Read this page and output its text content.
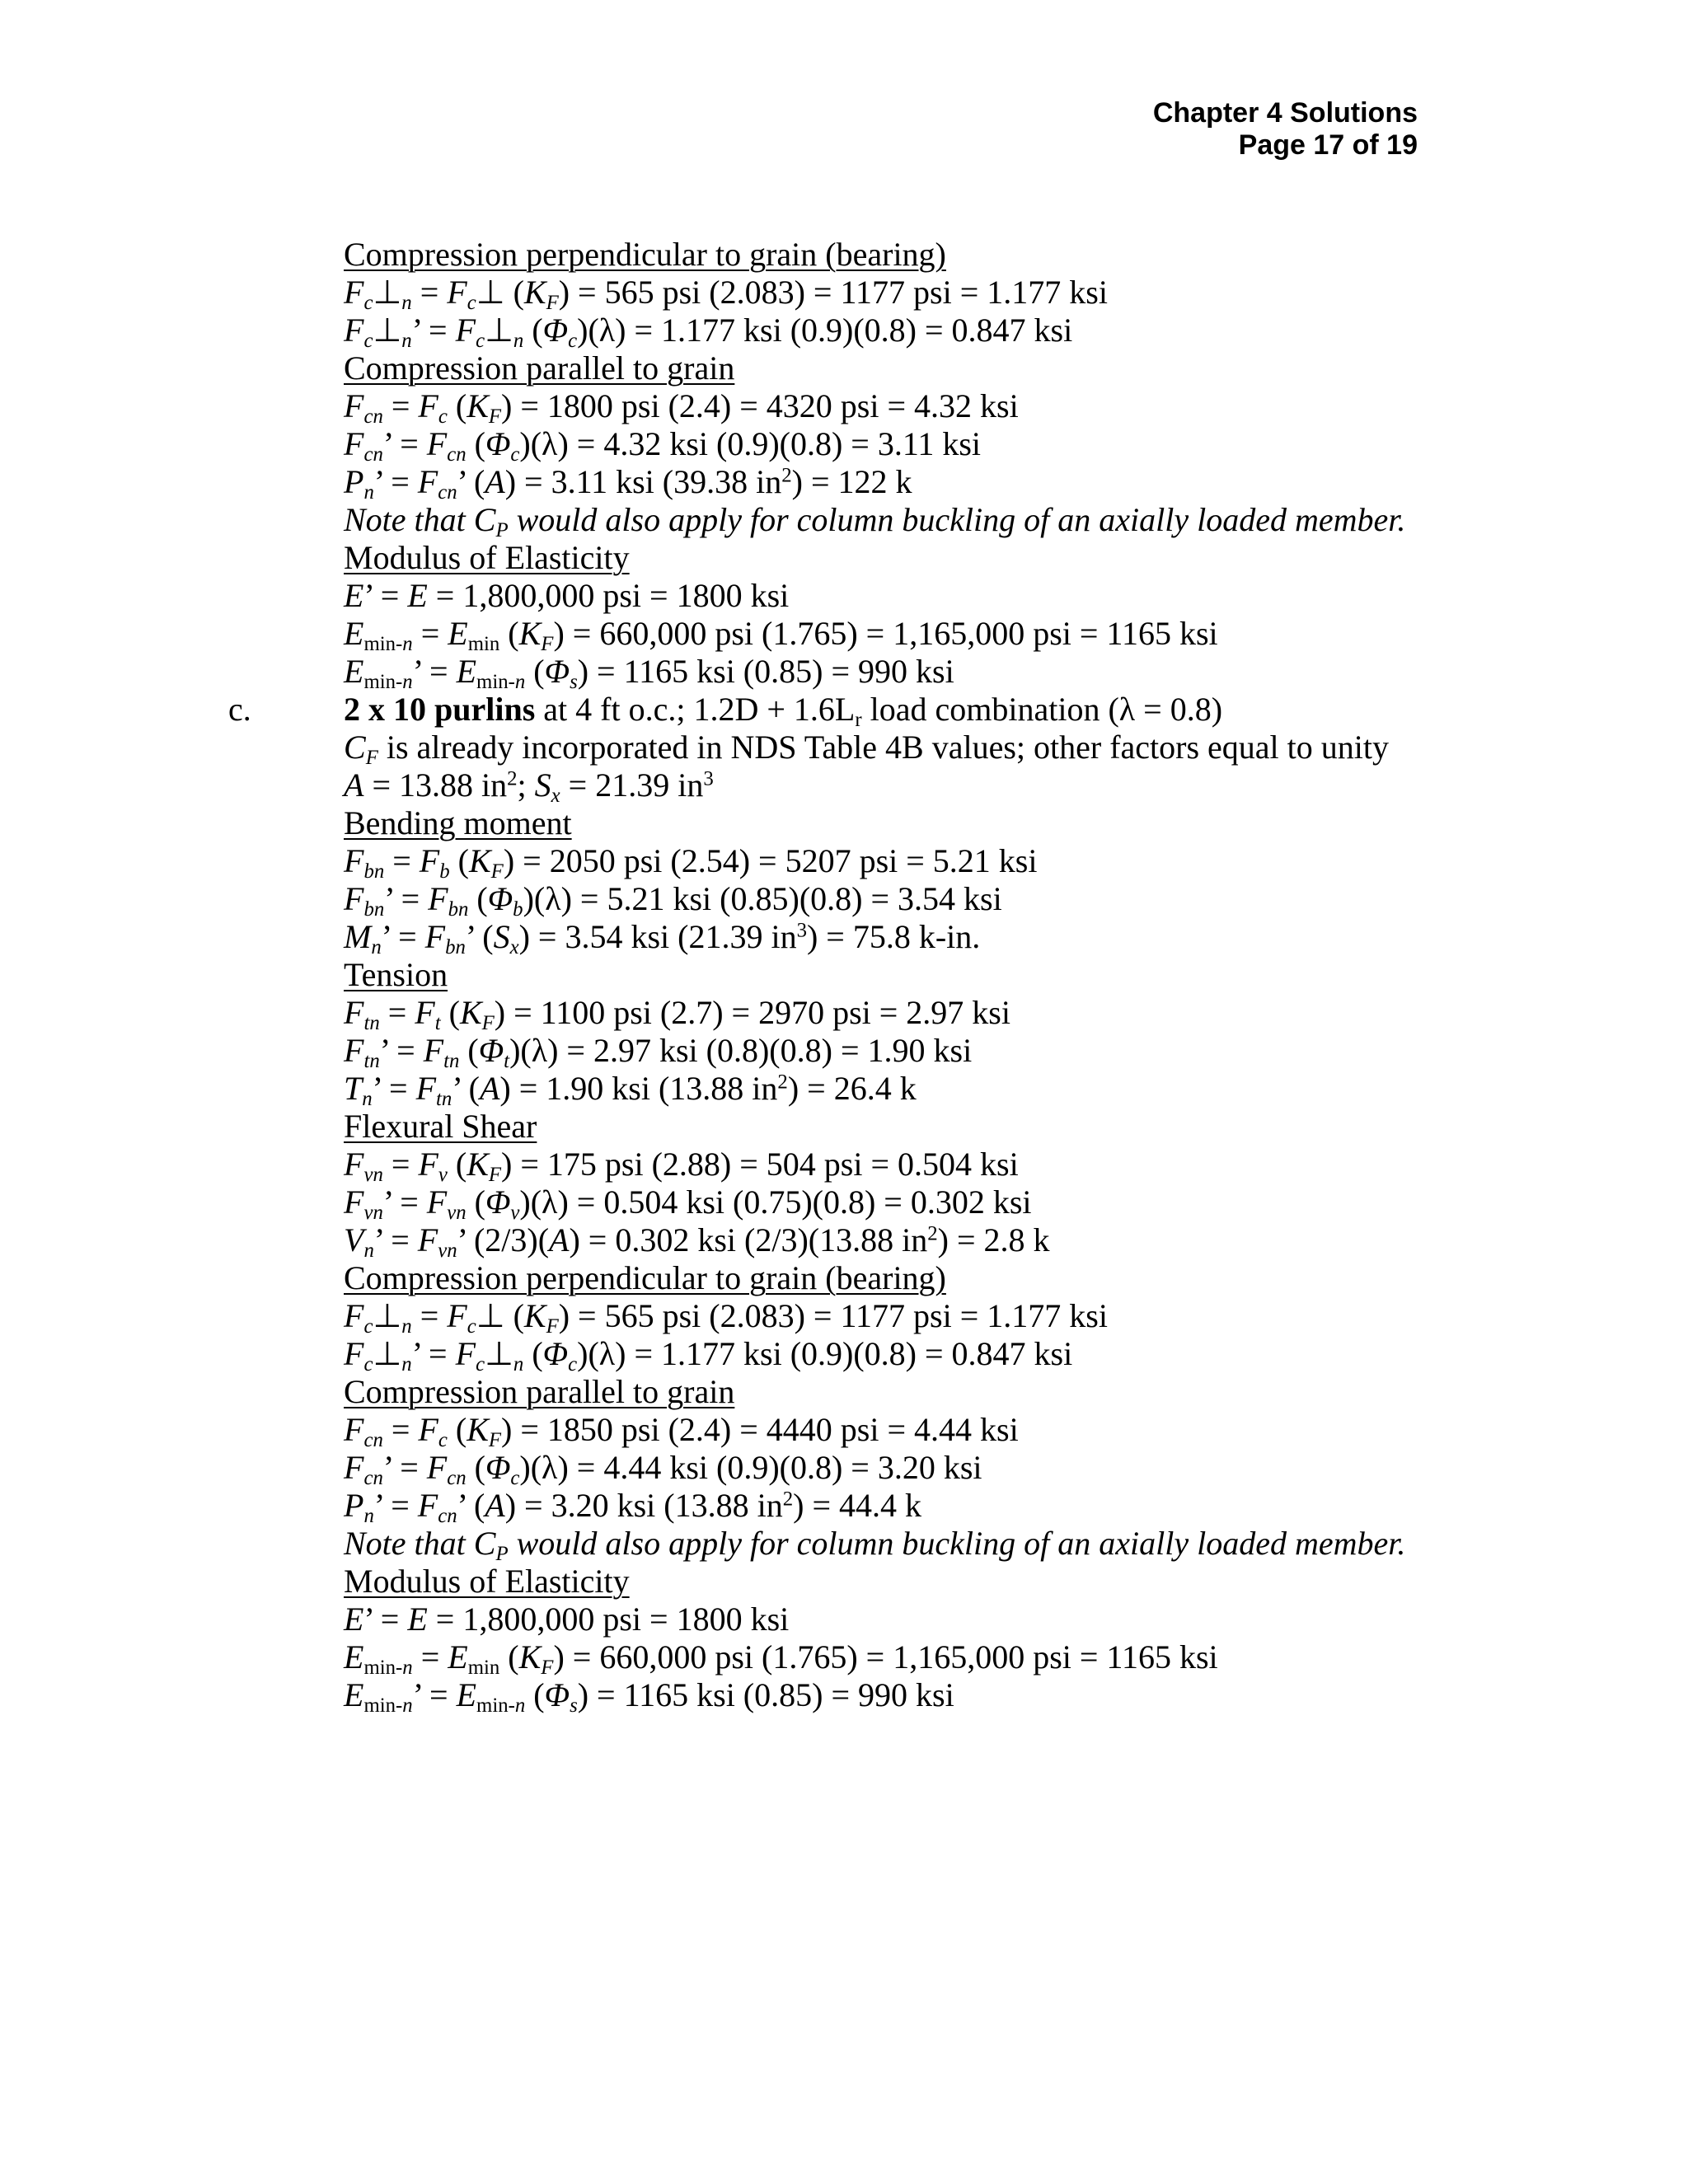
Chapter 4 Solutions
Page 17 of 19
Compression perpendicular to grain (bearing)
$F_c\perp_n$ = $F_c\perp$ $(K_F) = 565$ psi (2.083) = 1177 psi = 1.177 ksi
$F_c\perp_n$’ = $F_c\perp_n$ $(\Phi_c)(\lambda) = 1.177$ ksi (0.9)(0.8) = 0.847 ksi
Compression parallel to grain
$F_{cn} = F_c$ $(K_F) = 1800$ psi (2.4) = 4320 psi = 4.32 ksi
$F_{cn}$’ = $F_{cn}$ $(\Phi_c)(\lambda) = 4.32$ ksi (0.9)(0.8) = 3.11 ksi
$P_n$’ = $F_{cn}$’ (A) = 3.11 ksi (39.38 $in^2) = 122$ k
Note that $C_P$ would also apply for column buckling of an axially loaded member.
Modulus of Elasticity
E’ = E = 1,800,000 psi = 1800 ksi
$E_{min-n} = E_{min}$ $(K_F) = 660,000$ psi (1.765) = 1,165,000 psi = 1165 ksi
$E_{min-n}$’ = $E_{min-n}$ $(\Phi_s) = 1165$ ksi (0.85) = 990 ksi
c.	2 x 10 purlins at 4 ft o.c.; $1.2D + 1.6L_r$ load combination (λ = 0.8)
$C_F$ is already incorporated in NDS Table 4B values; other factors equal to unity
A = 13.88 $in^2$; $S_x = 21.39$ $in^3$
Bending moment
$F_{bn} = F_b$ $(K_F) = 2050$ psi (2.54) = 5207 psi = 5.21 ksi
$F_{bn}$’ = $F_{bn}$ $(\Phi_b)(\lambda) = 5.21$ ksi (0.85)(0.8) = 3.54 ksi
$M_n$’ = $F_{bn}$’ $(S_x) = 3.54$ ksi (21.39 $in^3) = 75.8$ k-in.
Tension
$F_{tn} = F_t$ $(K_F) = 1100$ psi (2.7) = 2970 psi = 2.97 ksi
$F_{tn}$’ = $F_{tn}$ $(\Phi_t)(\lambda) = 2.97$ ksi (0.8)(0.8) = 1.90 ksi
$T_n$’ = $F_{tn}$’ (A) = 1.90 ksi (13.88 $in^2) = 26.4$ k
Flexural Shear
$F_{vn} = F_v$ $(K_F) = 175$ psi (2.88) = 504 psi = 0.504 ksi
$F_{vn}$’ = $F_{vn}$ $(\Phi_v)(\lambda) = 0.504$ ksi (0.75)(0.8) = 0.302 ksi
$V_n$’ = $F_{vn}$’ (2/3)(A) = 0.302 ksi (2/3)(13.88 $in^2) = 2.8$ k
Compression perpendicular to grain (bearing)
$F_c\perp_n$ = $F_c\perp$ $(K_F) = 565$ psi (2.083) = 1177 psi = 1.177 ksi
$F_c\perp_n$’ = $F_c\perp_n$ $(\Phi_c)(\lambda) = 1.177$ ksi (0.9)(0.8) = 0.847 ksi
Compression parallel to grain
$F_{cn} = F_c$ $(K_F) = 1850$ psi (2.4) = 4440 psi = 4.44 ksi
$F_{cn}$’ = $F_{cn}$ $(\Phi_c)(\lambda) = 4.44$ ksi (0.9)(0.8) = 3.20 ksi
$P_n$’ = $F_{cn}$’ (A) = 3.20 ksi (13.88 $in^2) = 44.4$ k
Note that $C_P$ would also apply for column buckling of an axially loaded member.
Modulus of Elasticity
E’ = E = 1,800,000 psi = 1800 ksi
$E_{min-n} = E_{min}$ $(K_F) = 660,000$ psi (1.765) = 1,165,000 psi = 1165 ksi
$E_{min-n}$’ = $E_{min-n}$ $(\Phi_s) = 1165$ ksi (0.85) = 990 ksi
